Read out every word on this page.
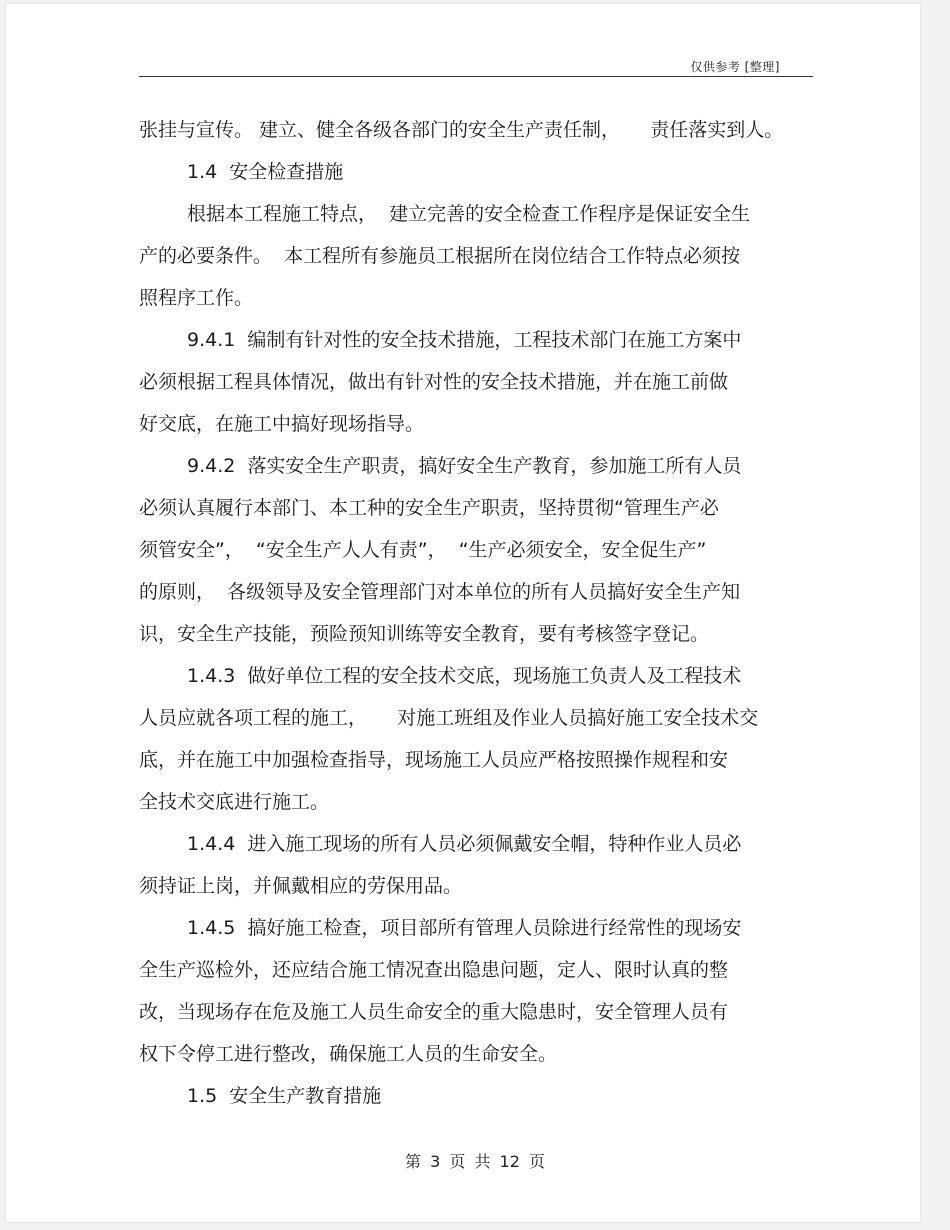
仅供参考 [整理]
张挂与宣传。 建立、健全各级各部门的安全生产责任制，     责任落实到人。
1.4  安全检查措施
根据本工程施工特点，  建立完善的安全检查工作程序是保证安全生
产的必要条件。  本工程所有参施员工根据所在岗位结合工作特点必须按
照程序工作。
9.4.1  编制有针对性的安全技术措施，工程技术部门在施工方案中
必须根据工程具体情况，做出有针对性的安全技术措施，并在施工前做
好交底，在施工中搞好现场指导。
9.4.2  落实安全生产职责，搞好安全生产教育，参加施工所有人员
必须认真履行本部门、本工种的安全生产职责，坚持贯彻“管理生产必
须管安全”，  “安全生产人人有责”，  “生产必须安全，安全促生产”
的原则，  各级领导及安全管理部门对本单位的所有人员搞好安全生产知
识，安全生产技能，预险预知训练等安全教育，要有考核签字登记。
1.4.3  做好单位工程的安全技术交底，现场施工负责人及工程技术
人员应就各项工程的施工，     对施工班组及作业人员搞好施工安全技术交
底，并在施工中加强检查指导，现场施工人员应严格按照操作规程和安
全技术交底进行施工。
1.4.4  进入施工现场的所有人员必须佩戴安全帽，特种作业人员必
须持证上岗，并佩戴相应的劳保用品。
1.4.5  搞好施工检查，项目部所有管理人员除进行经常性的现场安
全生产巡检外，还应结合施工情况查出隐患问题，定人、限时认真的整
改，当现场存在危及施工人员生命安全的重大隐患时，安全管理人员有
权下令停工进行整改，确保施工人员的生命安全。
1.5  安全生产教育措施
第 3 页 共 12 页
